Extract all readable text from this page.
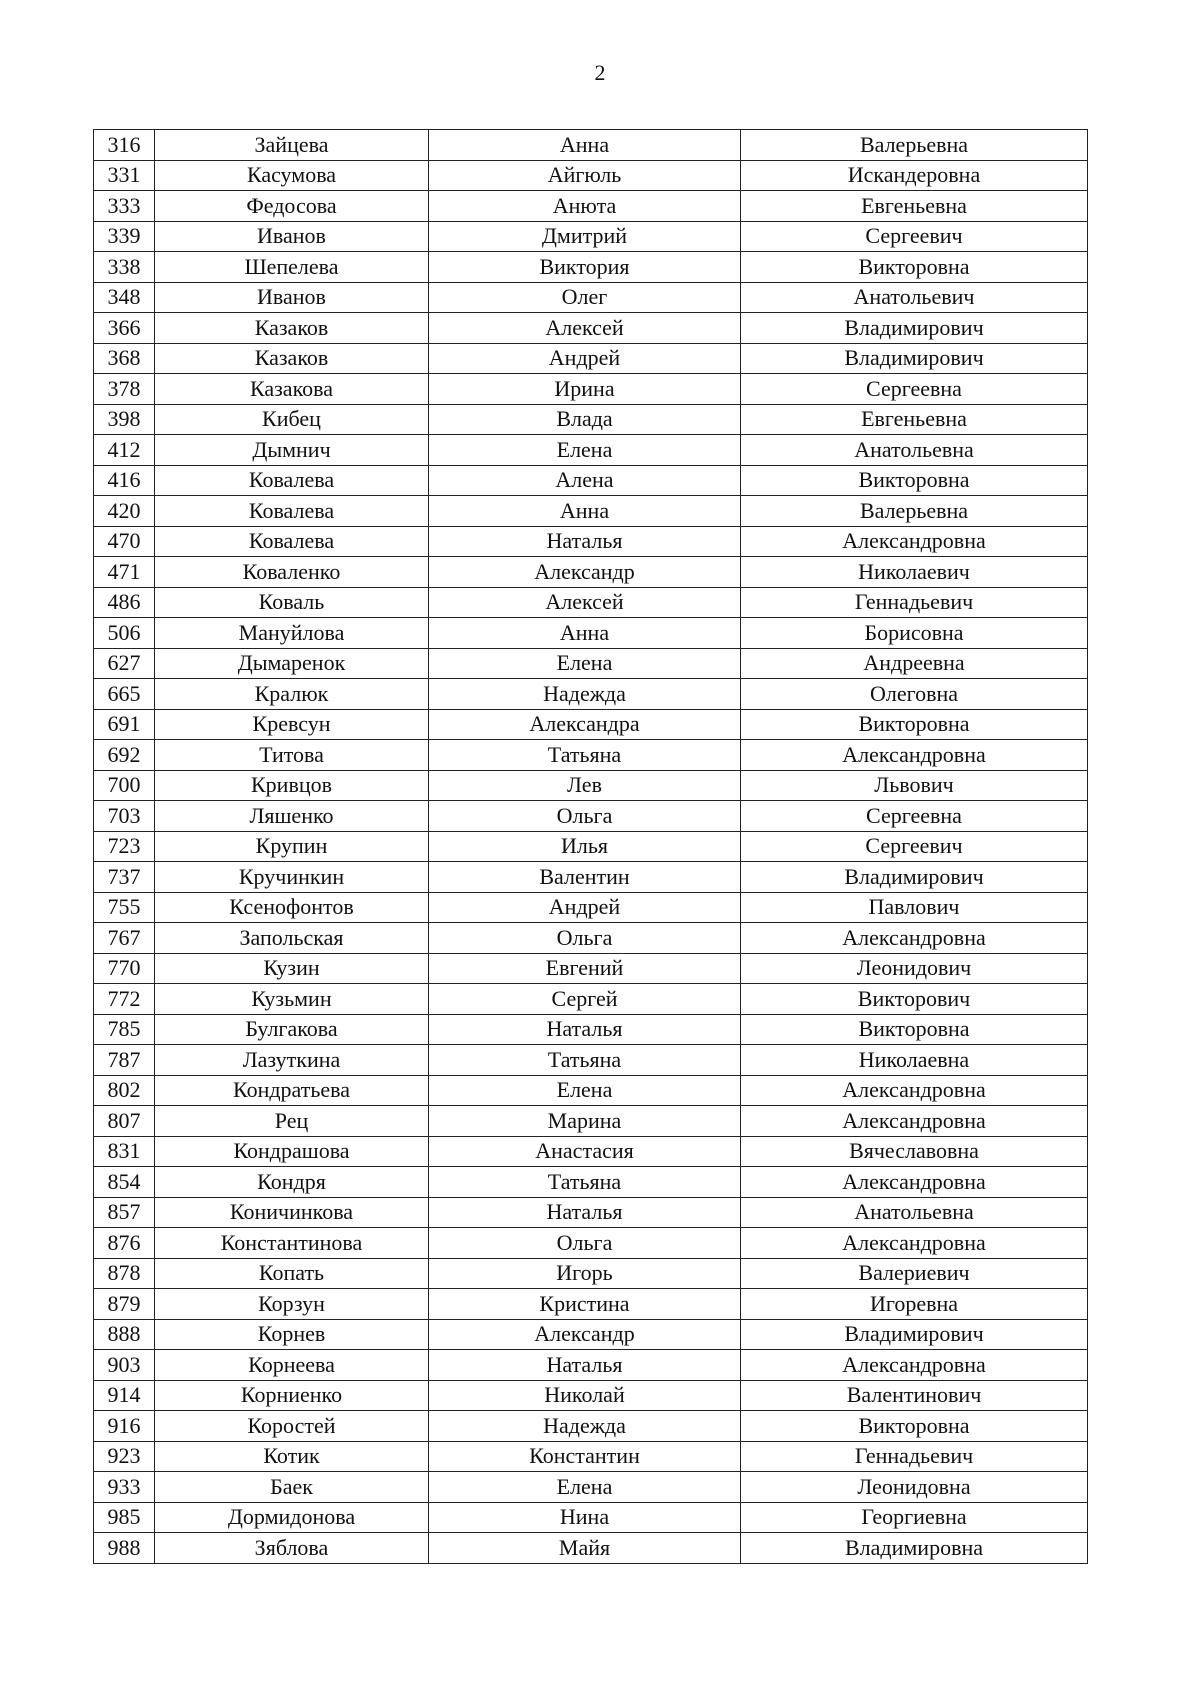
2
316	Зайцева	Анна	Валерьевна
331	Касумова	Айгюль	Искандеровна
333	Федосова	Анюта	Евгеньевна
339	Иванов	Дмитрий	Сергеевич
338	Шепелева	Виктория	Викторовна
348	Иванов	Олег	Анатольевич
366	Казаков	Алексей	Владимирович
368	Казаков	Андрей	Владимирович
378	Казакова	Ирина	Сергеевна
398	Кибец	Влада	Евгеньевна
412	Дымнич	Елена	Анатольевна
416	Ковалева	Алена	Викторовна
420	Ковалева	Анна	Валерьевна
470	Ковалева	Наталья	Александровна
471	Коваленко	Александр	Николаевич
486	Коваль	Алексей	Геннадьевич
506	Мануйлова	Анна	Борисовна
627	Дымаренок	Елена	Андреевна
665	Кралюк	Надежда	Олеговна
691	Кревсун	Александра	Викторовна
692	Титова	Татьяна	Александровна
700	Кривцов	Лев	Львович
703	Ляшенко	Ольга	Сергеевна
723	Крупин	Илья	Сергеевич
737	Кручинкин	Валентин	Владимирович
755	Ксенофонтов	Андрей	Павлович
767	Запольская	Ольга	Александровна
770	Кузин	Евгений	Леонидович
772	Кузьмин	Сергей	Викторович
785	Булгакова	Наталья	Викторовна
787	Лазуткина	Татьяна	Николаевна
802	Кондратьева	Елена	Александровна
807	Рец	Марина	Александровна
831	Кондрашова	Анастасия	Вячеславовна
854	Кондря	Татьяна	Александровна
857	Коничинкова	Наталья	Анатольевна
876	Константинова	Ольга	Александровна
878	Копать	Игорь	Валериевич
879	Корзун	Кристина	Игоревна
888	Корнев	Александр	Владимирович
903	Корнеева	Наталья	Александровна
914	Корниенко	Николай	Валентинович
916	Коростей	Надежда	Викторовна
923	Котик	Константин	Геннадьевич
933	Баек	Елена	Леонидовна
985	Дормидонова	Нина	Георгиевна
988	Зяблова	Майя	Владимировна
